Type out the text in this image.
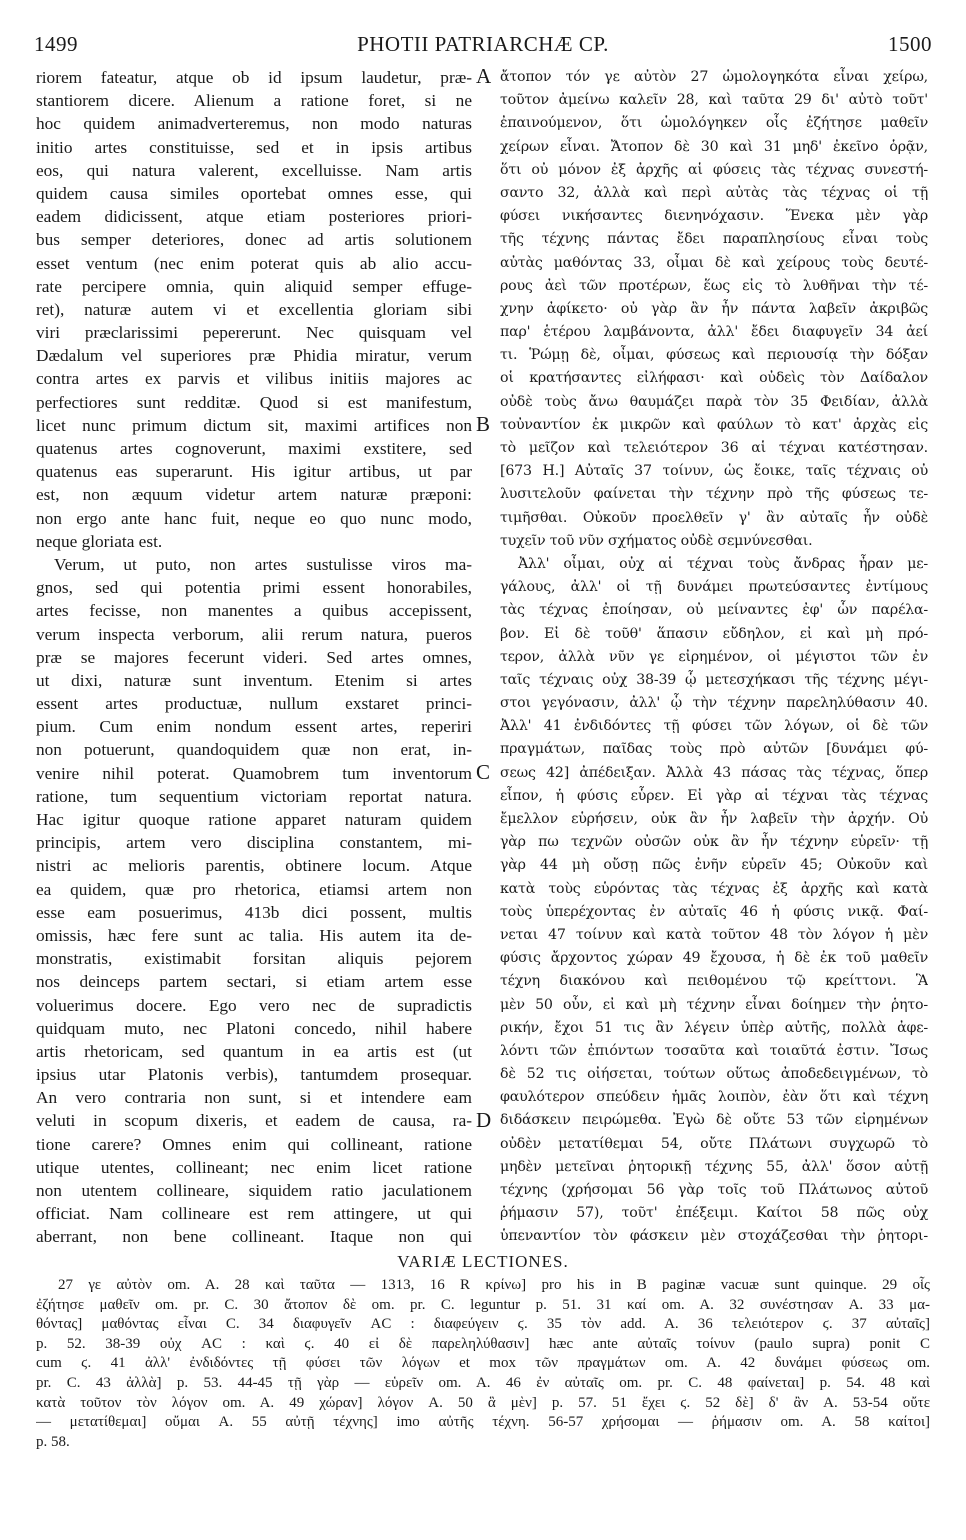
1499	PHOTII PATRIARCHÆ CP.	1500
riorem fateatur, atque ob id ipsum laudetur, præ-
stantiorem dicere. Alienum a ratione foret, si ne
hoc quidem animadverteremus, non modo naturas
initio artes constituisse, sed et in ipsis artibus
eos, qui natura valerent, excelluisse. Nam artis
quidem causa similes oportebat omnes esse, qui
eadem didicissent, atque etiam posteriores priori-
bus semper deteriores, donec ad artis solutionem
esset ventum (nec enim poterat quis ab alio accu-
rate percipere omnia, quin aliquid semper effuge-
ret), naturæ autem vi et excellentia gloriam sibi
viri præclarissimi pepererunt. Nec quisquam vel
Dædalum vel superiores præ Phidia miratur, verum
contra artes ex parvis et vilibus initiis majores ac
perfectiores sunt redditæ. Quod si est manifestum,
licet nunc primum dictum sit, maximi artifices non
quatenus artes cognoverunt, maximi exstitere, sed
quatenus eas superarunt. His igitur artibus, ut par
est, non æquum videtur artem naturæ præponi:
non ergo ante hanc fuit, neque eo quo nunc modo,
neque gloriata est.
Verum, ut puto, non artes sustulisse viros ma-
gnos, sed qui potentia primi essent honorabiles,
artes fecisse, non manentes a quibus accepissent,
verum inspecta verborum, alii rerum natura, pueros
præ se majores fecerunt videri. Sed artes omnes,
ut dixi, naturæ sunt inventum. Etenim si artes
essent artes productuæ, nullum exstaret princi-
pium. Cum enim nondum essent artes, reperiri
non potuerunt, quandoquidem quæ non erat, in-
venire nihil poterat. Quamobrem tum inventorum
ratione, tum sequentium victoriam reportat natura.
Hac igitur quoque ratione apparet naturam quidem
principis, artem vero disciplina constantem, mi-
nistri ac melioris parentis, obtinere locum. Atque
ea quidem, quæ pro rhetorica, etiamsi artem non
esse eam posuerimus, 413b dici possent, multis
omissis, hæc fere sunt ac talia. His autem ita de-
monstratis, existimabit forsitan aliquis pejorem
nos deinceps partem sectari, si etiam artem esse
voluerimus docere. Ego vero nec de supradictis
quidquam muto, nec Platoni concedo, nihil habere
artis rhetoricam, sed quantum in ea artis est (ut
ipsius utar Platonis verbis), tantumdem prosequar.
An vero contraria non sunt, si et intendere eam
veluti in scopum dixeris, et eadem de causa, ra-
tione carere? Omnes enim qui collineant, ratione
utique utentes, collineant; nec enim licet ratione
non utentem collineare, siquidem ratio jaculationem
officiat. Nam collineare est rem attingere, ut qui
aberrant, non bene collineant. Itaque non qui
ἄτοπον τόν γε αὐτὸν 27 ὡμολογηκότα εἶναι χείρω,
τοῦτον ἀμείνω καλεῖν 28, καὶ ταῦτα 29 δι' αὐτὸ τοῦτ'
ἐπαινούμενον, ὅτι ὡμολόγηκεν οἷς ἐζήτησε μαθεῖν
χείρων εἶναι. Ἄτοπον δὲ 30 καὶ 31 μηδ' ἐκεῖνο ὁρᾷν,
ὅτι οὐ μόνον ἐξ ἀρχῆς αἱ φύσεις τὰς τέχνας συνεστή-
σαντο 32, ἀλλὰ καὶ περὶ αὐτὰς τὰς τέχνας οἱ τῇ
φύσει νικήσαντες διενηνόχασιν. Ἕνεκα μὲν γὰρ
τῆς τέχνης πάντας ἔδει παραπλησίους εἶναι τοὺς
αὐτὰς μαθόντας 33, οἶμαι δὲ καὶ χείρους τοὺς δευτέ-
ρους ἀεὶ τῶν προτέρων, ἕως εἰς τὸ λυθῆναι τὴν τέ-
χνην ἀφίκετο· οὐ γὰρ ἂν ἦν πάντα λαβεῖν ἀκριβῶς
παρ' ἑτέρου λαμβάνοντα, ἀλλ' ἔδει διαφυγεῖν 34 ἀεί
τι. Ῥώμῃ δὲ, οἶμαι, φύσεως καὶ περιουσίᾳ τὴν δόξαν
οἱ κρατήσαντες εἰλήφασι· καὶ οὐδεὶς τὸν Δαίδαλον
οὐδὲ τοὺς ἄνω θαυμάζει παρὰ τὸν 35 Φειδίαν, ἀλλὰ
τοὐναντίον ἐκ μικρῶν καὶ φαύλων τὸ κατ' ἀρχὰς εἰς
τὸ μεῖζον καὶ τελειότερον 36 αἱ τέχναι κατέστησαν.
[673 H.] Αὐταῖς 37 τοίνυν, ὡς ἔοικε, ταῖς τέχναις οὐ
λυσιτελοῦν φαίνεται τὴν τέχνην πρὸ τῆς φύσεως τε-
τιμῆσθαι. Οὐκοῦν προελθεῖν γ' ἂν αὐταῖς ἦν οὐδὲ
τυχεῖν τοῦ νῦν σχήματος οὐδὲ σεμνύνεσθαι.
Ἀλλ' οἶμαι, οὐχ αἱ τέχναι τοὺς ἄνδρας ἦραν με-
γάλους, ἀλλ' οἱ τῇ δυνάμει πρωτεύσαντες ἐντίμους
τὰς τέχνας ἐποίησαν, οὐ μείναντες ἐφ' ὧν παρέλα-
βον. Εἰ δὲ τοῦθ' ἅπασιν εὔδηλον, εἰ καὶ μὴ πρό-
τερον, ἀλλὰ νῦν γε εἰρημένον, οἱ μέγιστοι τῶν ἐν
ταῖς τέχναις οὐχ 38-39 ᾧ μετεσχήκασι τῆς τέχνης μέγι-
στοι γεγόνασιν, ἀλλ' ᾧ τὴν τέχνην παρεληλύθασιν 40.
Ἀλλ' 41 ἐνδιδόντες τῇ φύσει τῶν λόγων, οἱ δὲ τῶν
πραγμάτων, παῖδας τοὺς πρὸ αὐτῶν [δυνάμει φύ-
σεως 42] ἀπέδειξαν. Ἀλλὰ 43 πάσας τὰς τέχνας, ὅπερ
εἶπον, ἡ φύσις εὗρεν. Εἰ γὰρ αἱ τέχναι τὰς τέχνας
ἔμελλον εὑρήσειν, οὐκ ἂν ἦν λαβεῖν τὴν ἀρχήν. Οὐ
γὰρ πω τεχνῶν οὐσῶν οὐκ ἂν ἦν τέχνην εὑρεῖν· τῇ
γὰρ 44 μὴ οὔσῃ πῶς ἐνῆν εὑρεῖν 45; Οὐκοῦν καὶ
κατὰ τοὺς εὑρόντας τὰς τέχνας ἐξ ἀρχῆς καὶ κατὰ
τοὺς ὑπερέχοντας ἐν αὐταῖς 46 ἡ φύσις νικᾷ. Φαί-
νεται 47 τοίνυν καὶ κατὰ τοῦτον 48 τὸν λόγον ἡ μὲν
φύσις ἄρχοντος χώραν 49 ἔχουσα, ἡ δὲ ἐκ τοῦ μαθεῖν
τέχνη διακόνου καὶ πειθομένου τῷ κρείττονι. Ἃ
μὲν 50 οὖν, εἰ καὶ μὴ τέχνην εἶναι δοίημεν τὴν ῥητο-
ρικήν, ἔχοι 51 τις ἂν λέγειν ὑπὲρ αὐτῆς, πολλὰ ἀφε-
λόντι τῶν ἐπιόντων τοσαῦτα καὶ τοιαῦτά ἐστιν. Ἴσως
δὲ 52 τις οἰήσεται, τούτων οὕτως ἀποδεδειγμένων, τὸ
φαυλότερον σπεύδειν ἡμᾶς λοιπὸν, ἐὰν ὅτι καὶ τέχνη
διδάσκειν πειρώμεθα. Ἐγὼ δὲ οὔτε 53 τῶν εἰρημένων
οὐδὲν μετατίθεμαι 54, οὔτε Πλάτωνι συγχωρῶ τὸ
μηδὲν μετεῖναι ῥητορικῇ τέχνης 55, ἀλλ' ὅσον αὐτῇ
τέχνης (χρήσομαι 56 γὰρ τοῖς τοῦ Πλάτωνος αὐτοῦ
ῥήμασιν 57), τοῦτ' ἐπέξειμι. Καίτοι 58 πῶς οὐχ
ὑπεναντίον τὸν φάσκειν μὲν στοχάζεσθαι τὴν ῥητορι-
A
B
C
D
VARIÆ LECTIONES.
27 γε αὐτὸν om. A. 28 καὶ ταῦτα — 1313, 16 R κρίνω] pro his in B paginæ vacuæ sunt quinque. 29 οἷς
ἐζήτησε μαθεῖν om. pr. C. 30 ἄτοπον δὲ om. pr. C. leguntur p. 51. 31 καί om. A. 32 συνέστησαν A. 33 μα-
θόντας] μαθόντας εἶναι C. 34 διαφυγεῖν AC : διαφεύγειν ϛ. 35 τὸν add. A. 36 τελειότερον ϛ. 37 αὐταῖς]
p. 52. 38-39 οὐχ AC : καὶ ϛ. 40 εἰ δὲ παρεληλύθασιν] hæc ante αὐταῖς τοίνυν (paulo supra) ponit C
cum ϛ. 41 ἀλλ' ἐνδιδόντες τῇ φύσει τῶν λόγων et mox τῶν πραγμάτων om. A. 42 δυνάμει φύσεως om.
pr. C. 43 ἀλλὰ] p. 53. 44-45 τῇ γὰρ — εὑρεῖν om. A. 46 ἐν αὐταῖς om. pr. C. 48 φαίνεται] p. 54. 48 καὶ
κατὰ τοῦτον τὸν λόγον om. A. 49 χώραν] λόγον A. 50 ἃ μὲν] p. 57. 51 ἔχει ϛ. 52 δὲ] δ' ἂν A. 53-54 οὔτε
— μετατίθεμαι] οὔμαι A. 55 αὐτῇ τέχνης] imo αὐτῆς τέχνη. 56-57 χρήσομαι — ῥήμασιν om. A. 58 καίτοι]
p. 58.
